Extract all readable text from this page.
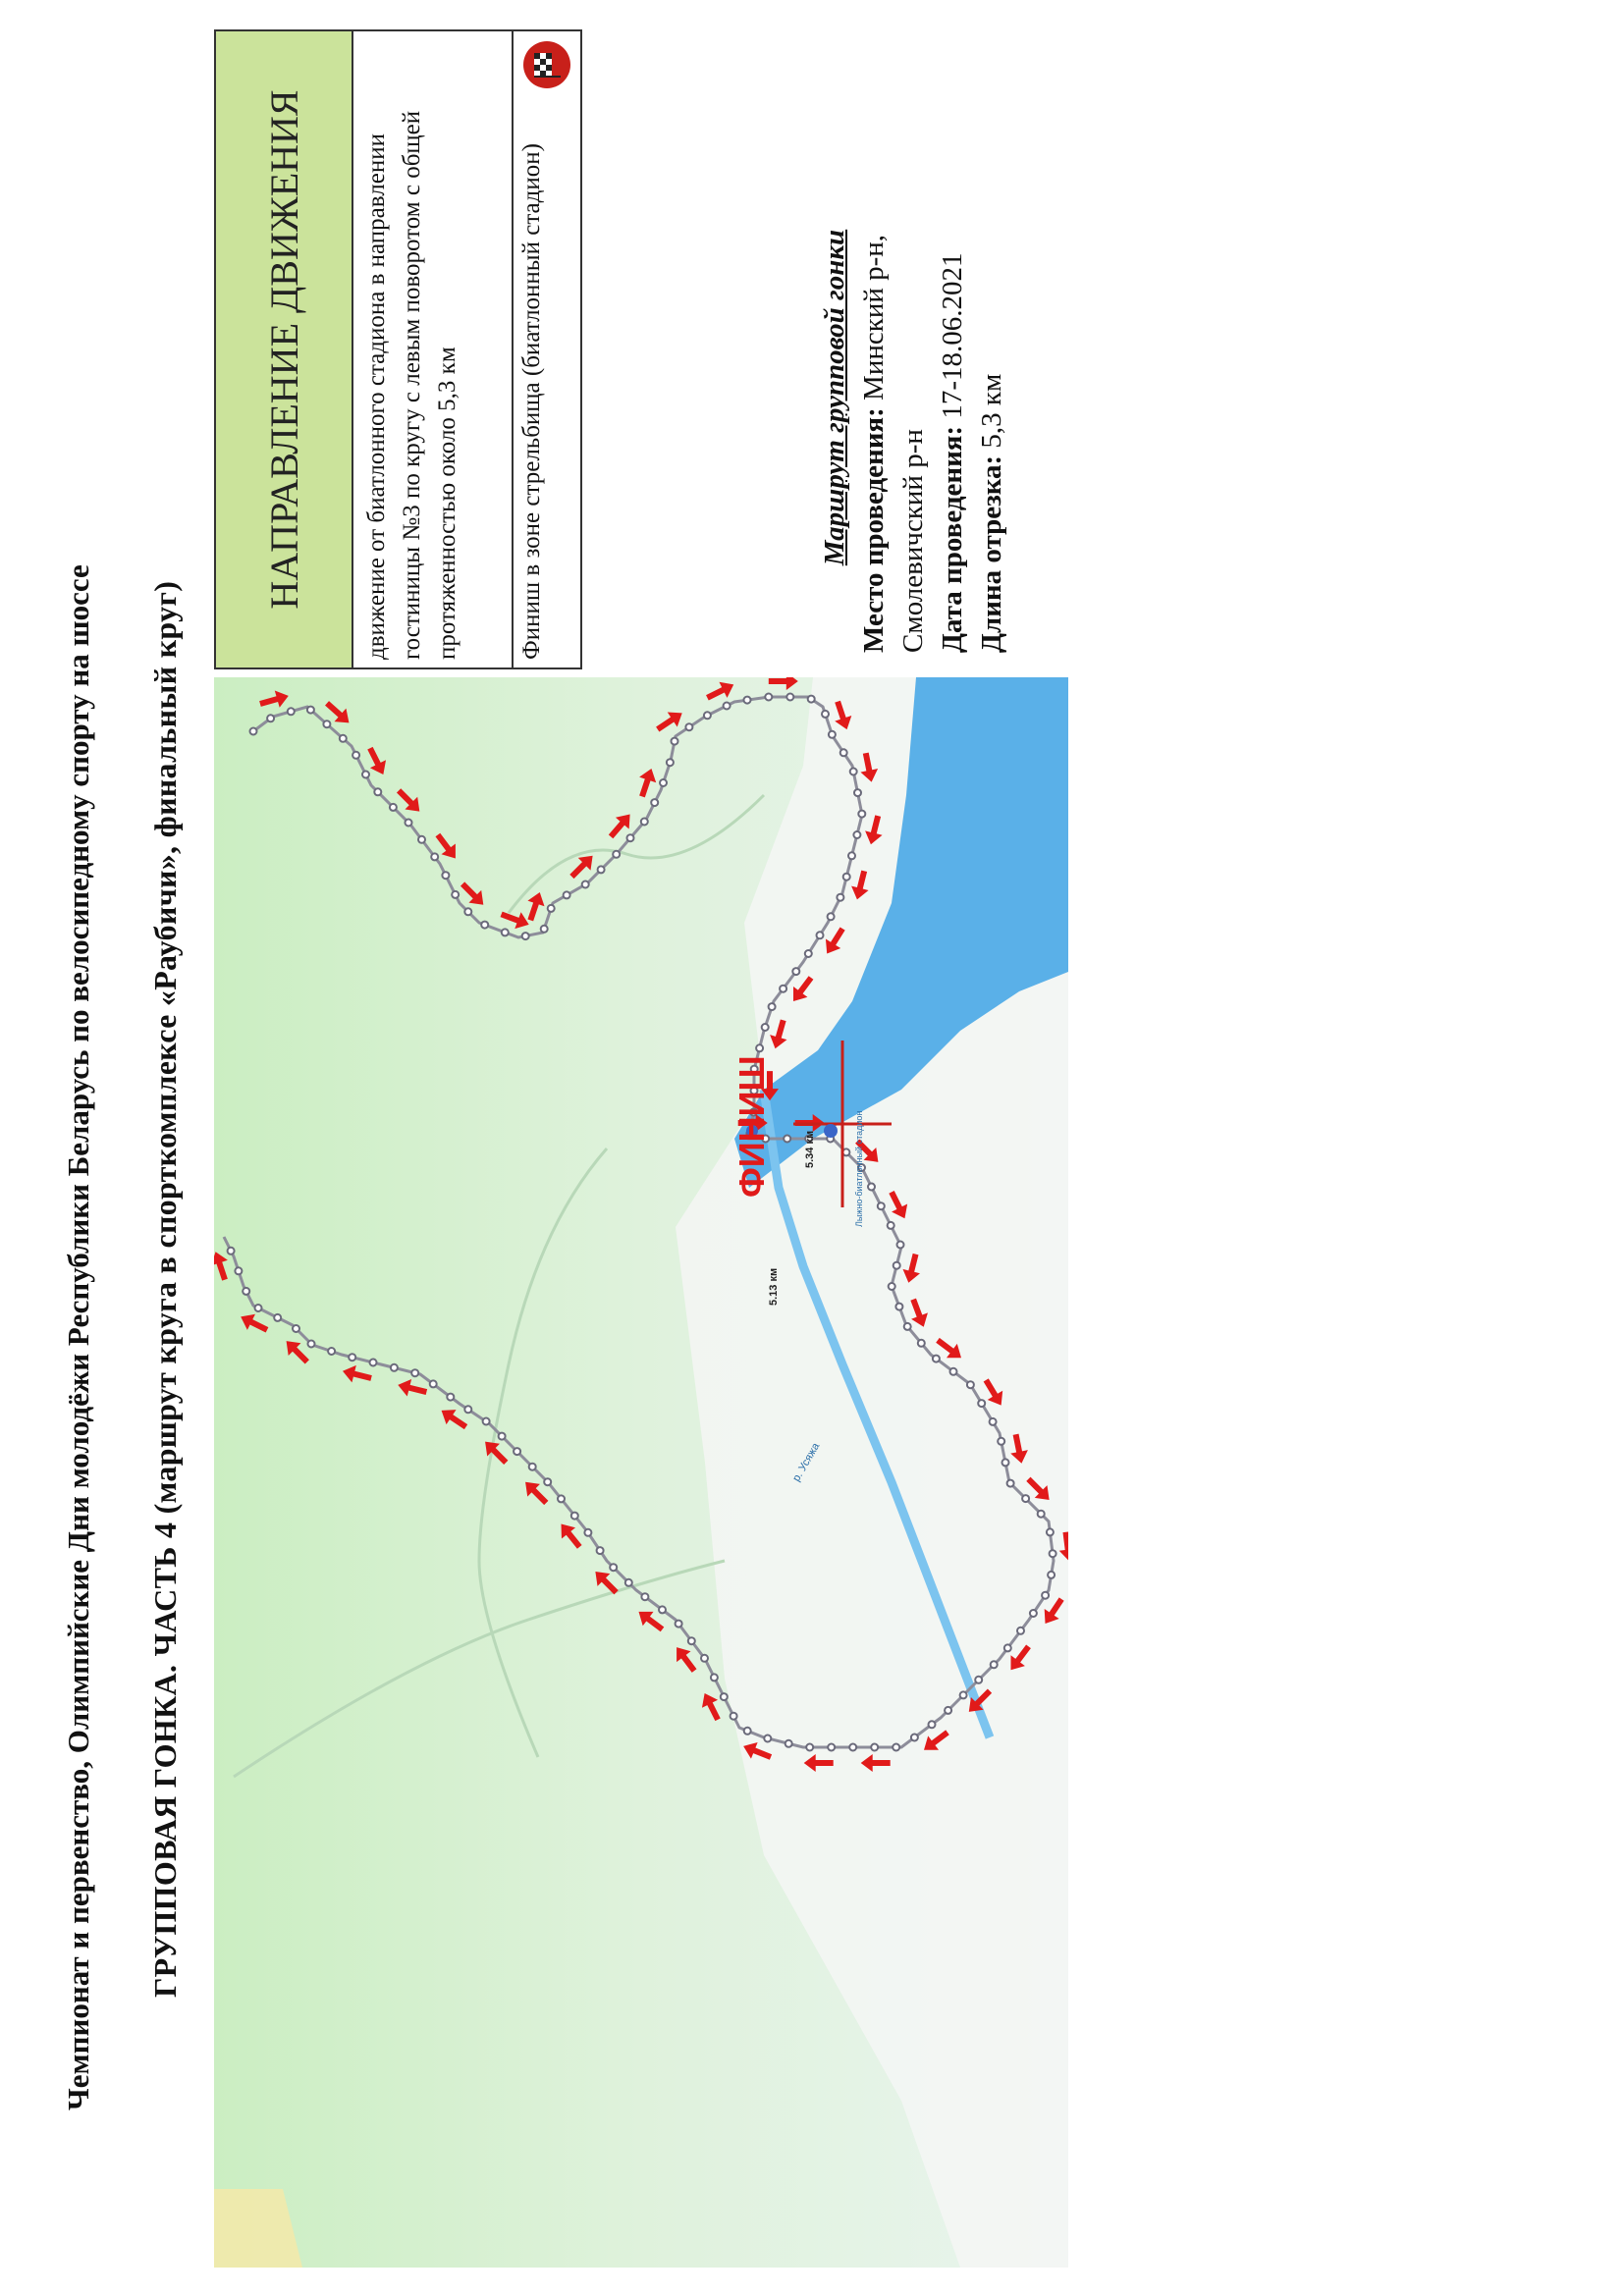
Чемпионат и первенство, Олимпийские Дни молодёжи Республики Беларусь по велосипедному спорту на шоссе ГРУППОВАЯ ГОНКА. ЧАСТЬ 4 (маршрут круга в спорткомплексе «Раубичи», финальный круг)
НАПРАВЛЕНИЕ ДВИЖЕНИЯ	движение от биатлонного стадиона в направлении гостиницы №3 по кругу с левым поворотом с общей протяженностью около 5,3 км	Финиш в зоне стрельбища (биатлонный стадион)	Маршрут групповой гонки Место проведения: Минский р-н, Смолевичский р-н Дата проведения: 17-18.06.2021
Длина отрезка: 5,3 км
ФИНИШ	5.34 км
5.13 км
р. Усяжа
Лыжно-биатлонный стадион
